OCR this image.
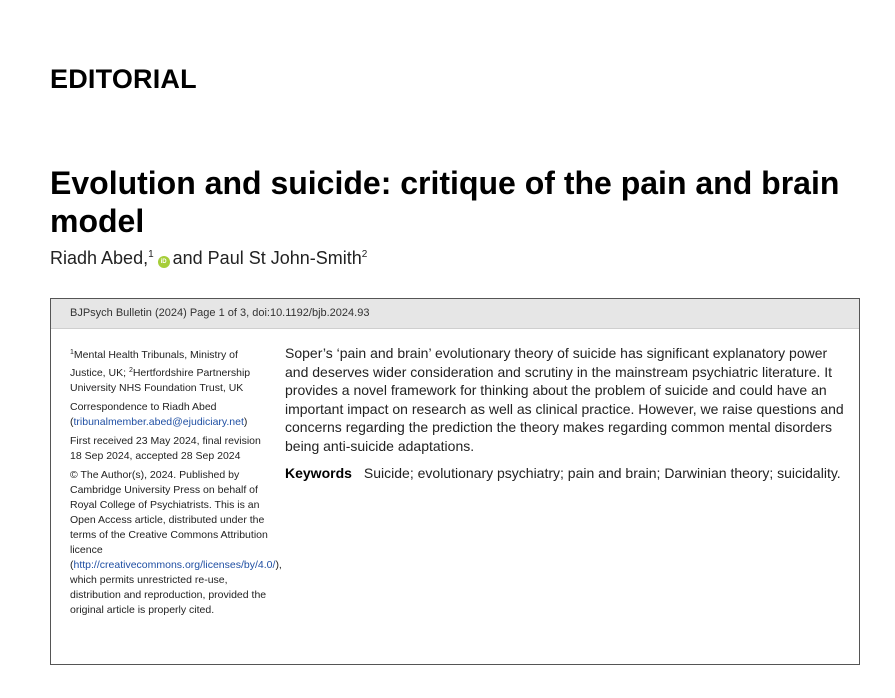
EDITORIAL
Evolution and suicide: critique of the pain and brain model
Riadh Abed,$^1$iD and Paul St John-Smith$^2$
BJPsych Bulletin (2024) Page 1 of 3, doi:10.1192/bjb.2024.93

$^1$Mental Health Tribunals, Ministry of Justice, UK; $^2$Hertfordshire Partnership University NHS Foundation Trust, UK

Correspondence to Riadh Abed
(tribunalmember.abed@ejudiciary.net)

First received 23 May 2024, final revision 18 Sep 2024, accepted 28 Sep 2024

© The Author(s), 2024. Published by Cambridge University Press on behalf of Royal College of Psychiatrists. This is an Open Access article, distributed under the terms of the Creative Commons Attribution licence (http://creativecommons.org/licenses/by/4.0/), which permits unrestricted re-use, distribution and reproduction, provided the original article is properly cited.

Soper’s ‘pain and brain’ evolutionary theory of suicide has significant explanatory power and deserves wider consideration and scrutiny in the mainstream psychiatric literature. It provides a novel framework for thinking about the problem of suicide and could have an important impact on research as well as clinical practice. However, we raise questions and concerns regarding the prediction the theory makes regarding common mental disorders being anti-suicide adaptations.

Keywords Suicide; evolutionary psychiatry; pain and brain; Darwinian theory; suicidality.
